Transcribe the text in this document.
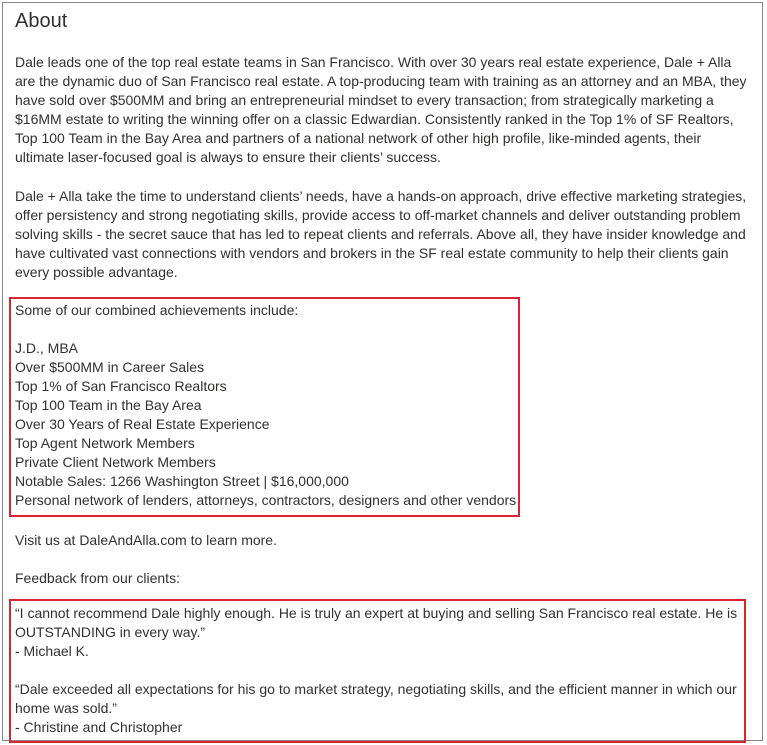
About

Dale leads one of the top real estate teams in San Francisco. With over 30 years real estate experience, Dale + Alla are the dynamic duo of San Francisco real estate. A top-producing team with training as an attorney and an MBA, they have sold over $500MM and bring an entrepreneurial mindset to every transaction; from strategically marketing a $16MM estate to writing the winning offer on a classic Edwardian. Consistently ranked in the Top 1% of SF Realtors, Top 100 Team in the Bay Area and partners of a national network of other high profile, like-minded agents, their ultimate laser-focused goal is always to ensure their clients’ success.

Dale + Alla take the time to understand clients’ needs, have a hands-on approach, drive effective marketing strategies, offer persistency and strong negotiating skills, provide access to off-market channels and deliver outstanding problem solving skills - the secret sauce that has led to repeat clients and referrals. Above all, they have insider knowledge and have cultivated vast connections with vendors and brokers in the SF real estate community to help their clients gain every possible advantage.

Some of our combined achievements include:

J.D., MBA
Over $500MM in Career Sales
Top 1% of San Francisco Realtors
Top 100 Team in the Bay Area
Over 30 Years of Real Estate Experience
Top Agent Network Members
Private Client Network Members
Notable Sales: 1266 Washington Street | $16,000,000
Personal network of lenders, attorneys, contractors, designers and other vendors

Visit us at DaleAndAlla.com to learn more.

Feedback from our clients:

“I cannot recommend Dale highly enough. He is truly an expert at buying and selling San Francisco real estate. He is OUTSTANDING in every way.”

- Michael K.

“Dale exceeded all expectations for his go to market strategy, negotiating skills, and the efficient manner in which our home was sold.”

- Christine and Christopher
